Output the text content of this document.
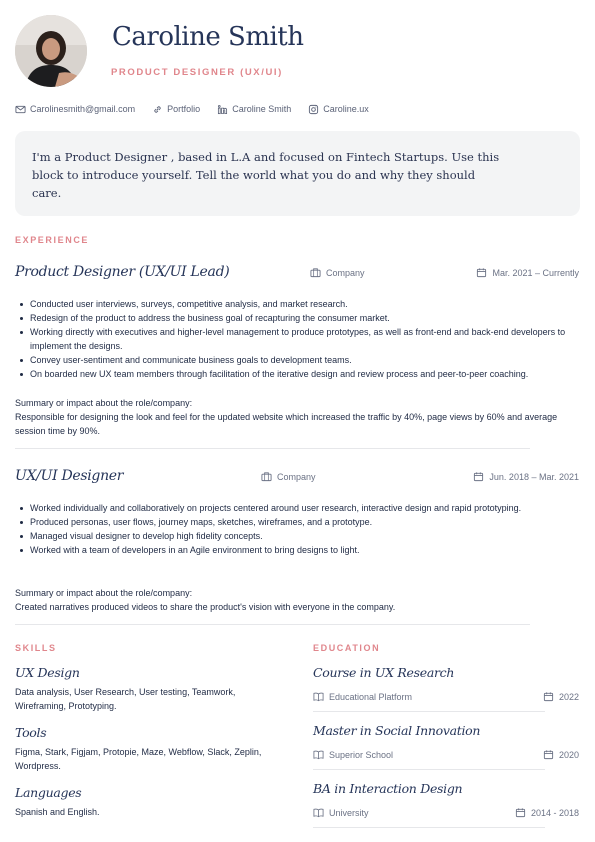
Caroline Smith
PRODUCT DESIGNER (UX/UI)
Carolinesmith@gmail.com	Portfolio	Caroline Smith	Caroline.ux

I'm a Product Designer , based in L.A and focused on Fintech Startups. Use this block to introduce yourself. Tell the world what you do and why they should care.

EXPERIENCE
Product Designer (UX/UI Lead)	Company	Mar. 2021 – Currently
Conducted user interviews, surveys, competitive analysis, and market research.
Redesign of the product to address the business goal of recapturing the consumer market.
Working directly with executives and higher-level management to produce prototypes, as well as front-end and back-end developers to implement the designs.
Convey user-sentiment and communicate business goals to development teams.
On boarded new UX team members through facilitation of the iterative design and review process and peer-to-peer coaching.
Summary or impact about the role/company:
Responsible for designing the look and feel for the updated website which increased the traffic by 40%, page views by 60% and average session time by 90%.
UX/UI Designer	Company	Jun. 2018 – Mar. 2021
Worked individually and collaboratively on projects centered around user research, interactive design and rapid prototyping.
Produced personas, user flows, journey maps, sketches, wireframes, and a prototype.
Managed visual designer to develop high fidelity concepts.
Worked with a team of developers in an Agile environment to bring designs to light.
Summary or impact about the role/company:
Created narratives produced videos to share the product's vision with everyone in the company.
SKILLS
UX Design
Data analysis, User Research, User testing, Teamwork, Wireframing, Prototyping.
Tools
Figma, Stark, Figjam, Protopie, Maze, Webflow, Slack, Zeplin, Wordpress.
Languages
Spanish and English.
EDUCATION
Course in UX Research
Educational Platform	2022
Master in Social Innovation
Superior School	2020
BA in Interaction Design
University	2014 - 2018
